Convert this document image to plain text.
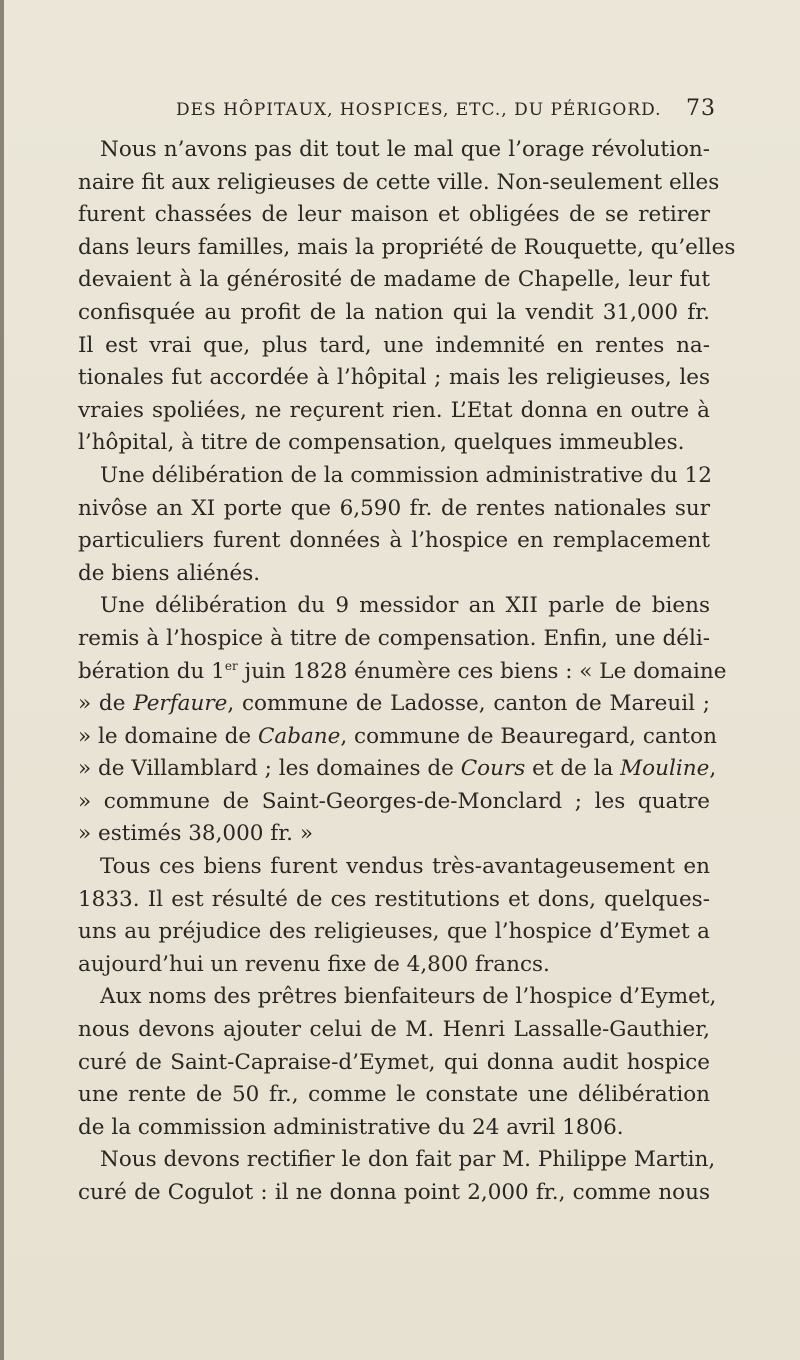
DES HÔPITAUX, HOSPICES, ETC., DU PÉRIGORD. 73
Nous n’avons pas dit tout le mal que l’orage révolution-
naire fit aux religieuses de cette ville. Non-seulement elles
furent chassées de leur maison et obligées de se retirer
dans leurs familles, mais la propriété de Rouquette, qu’elles
devaient à la générosité de madame de Chapelle, leur fut
confisquée au profit de la nation qui la vendit 31,000 fr.
Il est vrai que, plus tard, une indemnité en rentes na-
tionales fut accordée à l’hôpital ; mais les religieuses, les
vraies spoliées, ne reçurent rien. L’Etat donna en outre à
l’hôpital, à titre de compensation, quelques immeubles.
Une délibération de la commission administrative du 12
nivôse an XI porte que 6,590 fr. de rentes nationales sur
particuliers furent données à l’hospice en remplacement
de biens aliénés.
Une délibération du 9 messidor an XII parle de biens
remis à l’hospice à titre de compensation. Enfin, une déli-
bération du 1er juin 1828 énumère ces biens : « Le domaine
» de Perfaure, commune de Ladosse, canton de Mareuil ;
» le domaine de Cabane, commune de Beauregard, canton
» de Villamblard ; les domaines de Cours et de la Mouline,
» commune de Saint-Georges-de-Monclard ; les quatre
» estimés 38,000 fr. »
Tous ces biens furent vendus très-avantageusement en
1833. Il est résulté de ces restitutions et dons, quelques-
uns au préjudice des religieuses, que l’hospice d’Eymet a
aujourd’hui un revenu fixe de 4,800 francs.
Aux noms des prêtres bienfaiteurs de l’hospice d’Eymet,
nous devons ajouter celui de M. Henri Lassalle-Gauthier,
curé de Saint-Capraise-d’Eymet, qui donna audit hospice
une rente de 50 fr., comme le constate une délibération
de la commission administrative du 24 avril 1806.
Nous devons rectifier le don fait par M. Philippe Martin,
curé de Cogulot : il ne donna point 2,000 fr., comme nous
